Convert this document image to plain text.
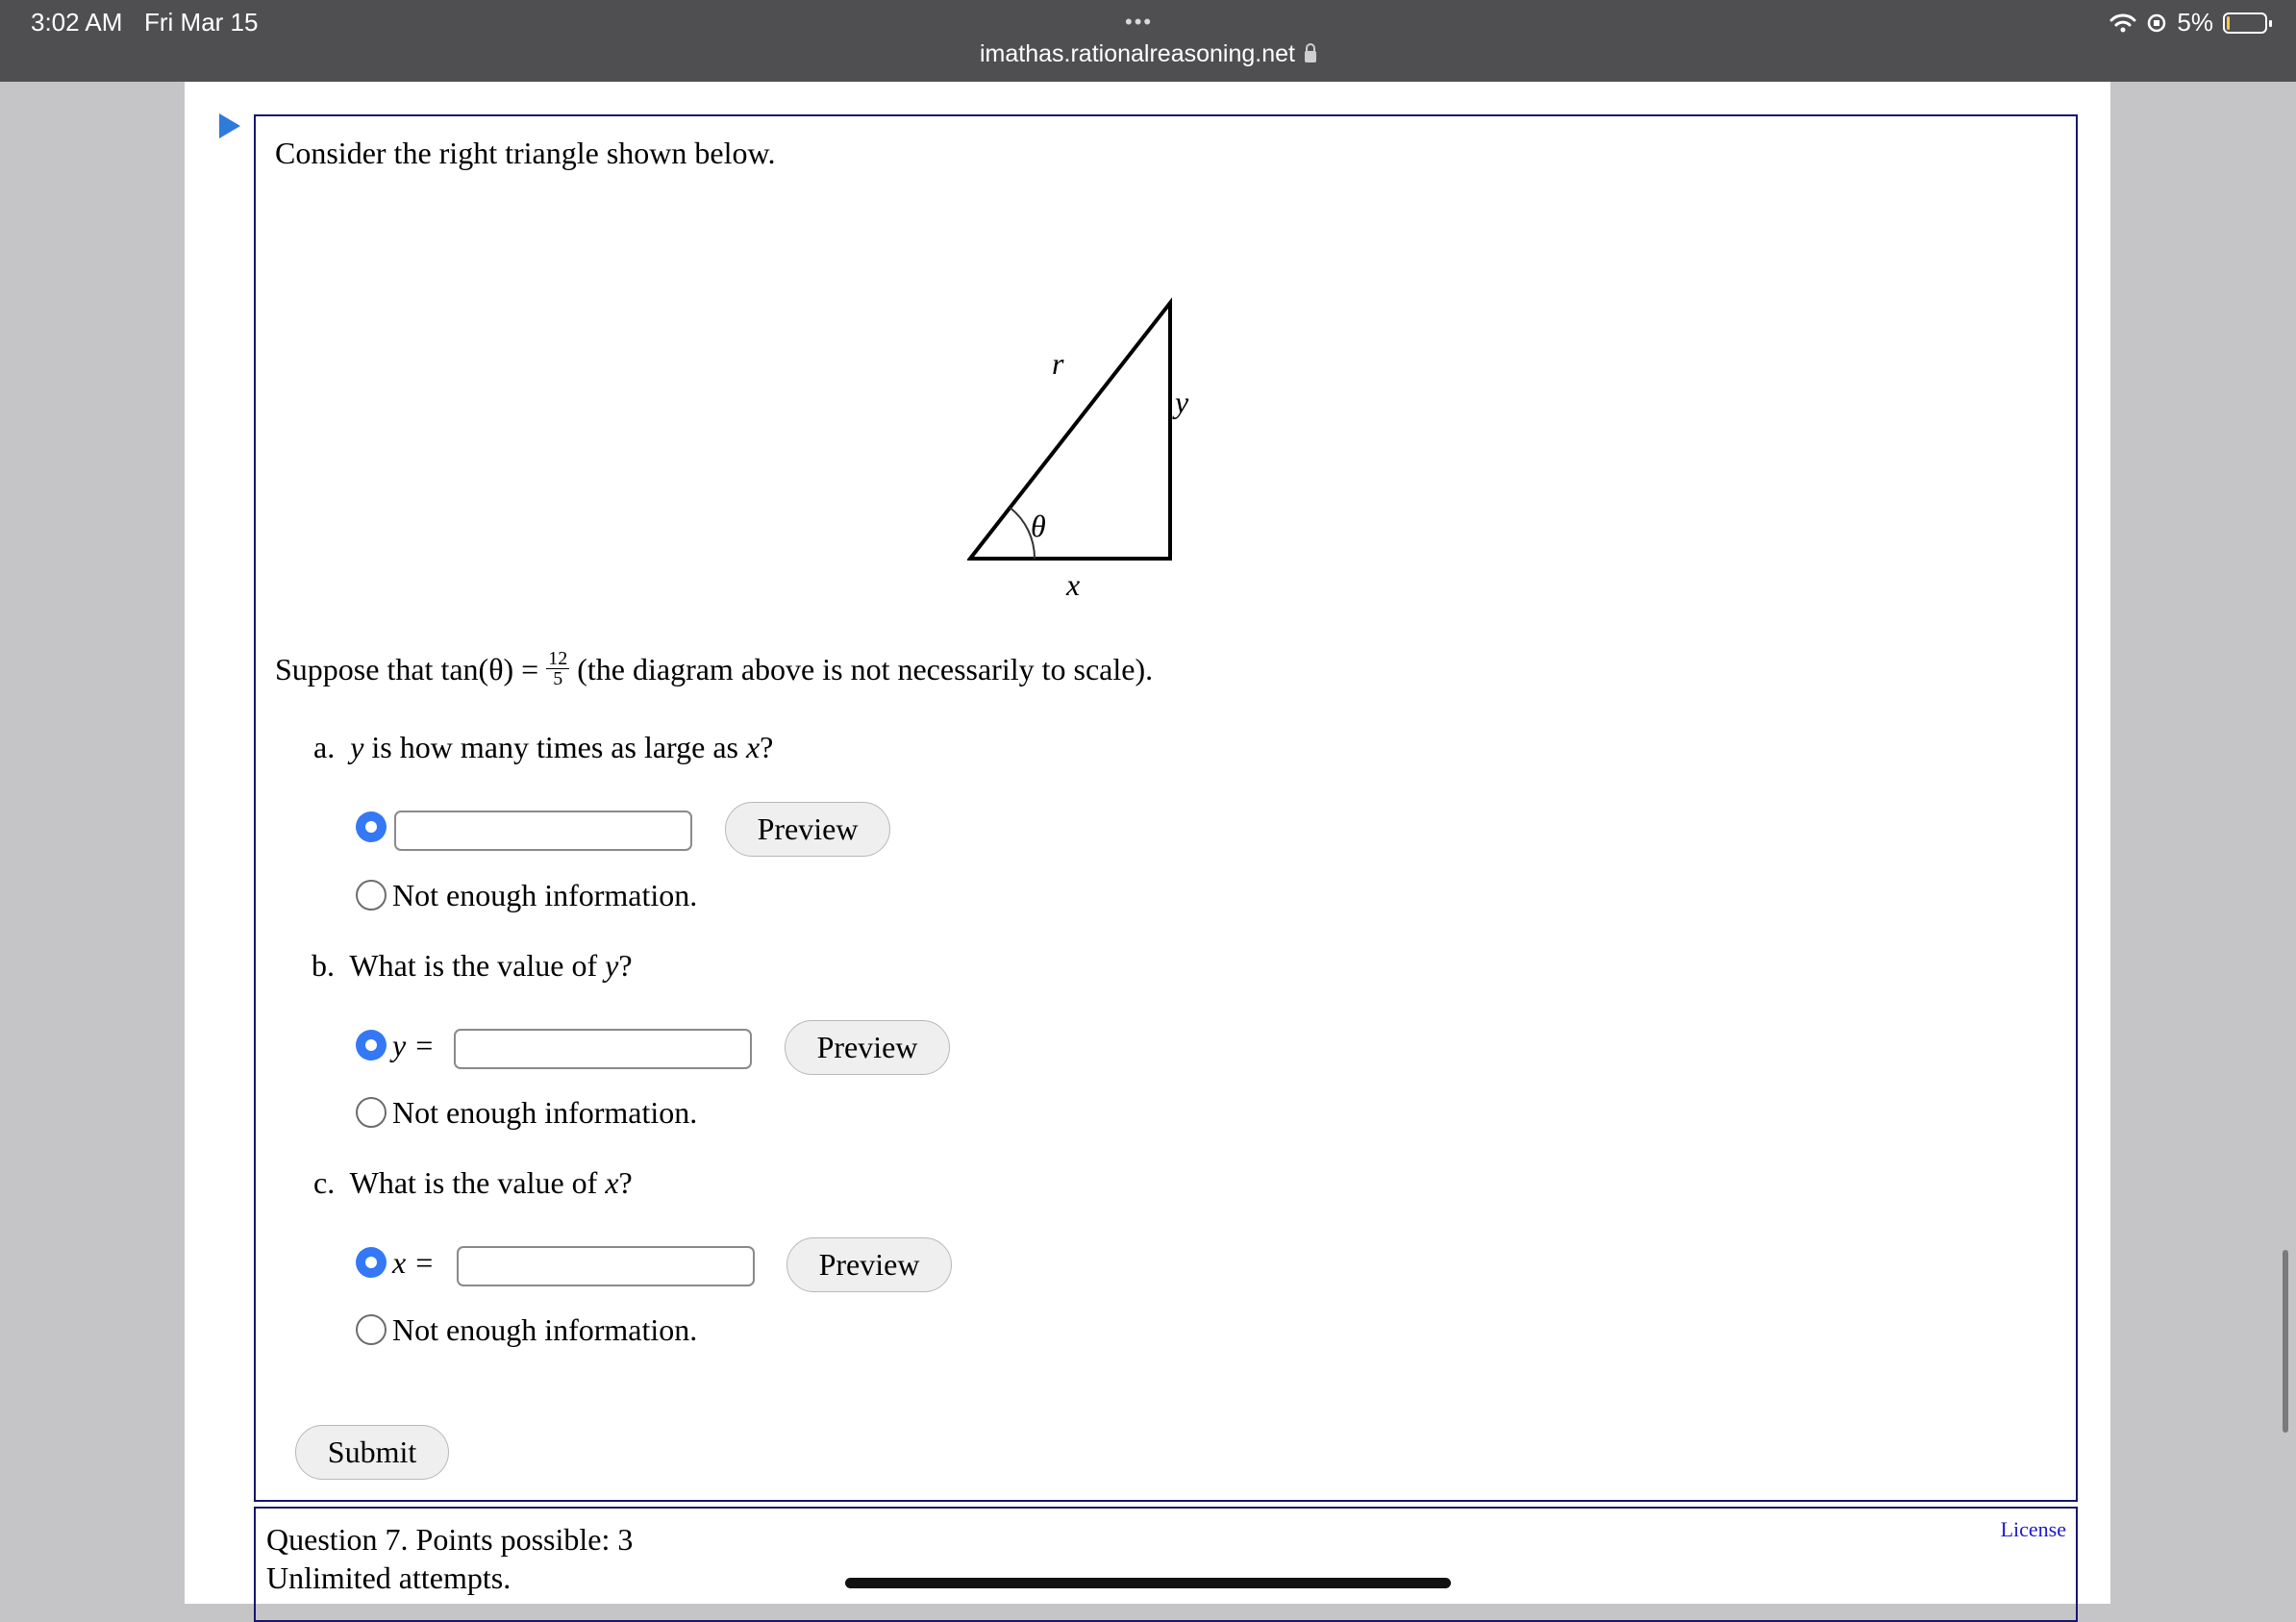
3:02 AM Fri Mar 15	•••
imathas.rationalreasoning.net
5%
Consider the right triangle shown below.
r
y
θ
x
Suppose that $\tan(\theta) = \frac{12}{5} (the$ diagram above is not necessarily to scale).
a. y is how many times as large as x?
Preview
Not enough information.
b. What is the value of y?
y =	Preview
Not enough information.
c. What is the value of x?
x =	Preview
Not enough information.
Submit
Question 7. Points possible: 3
Unlimited attempts.
License
